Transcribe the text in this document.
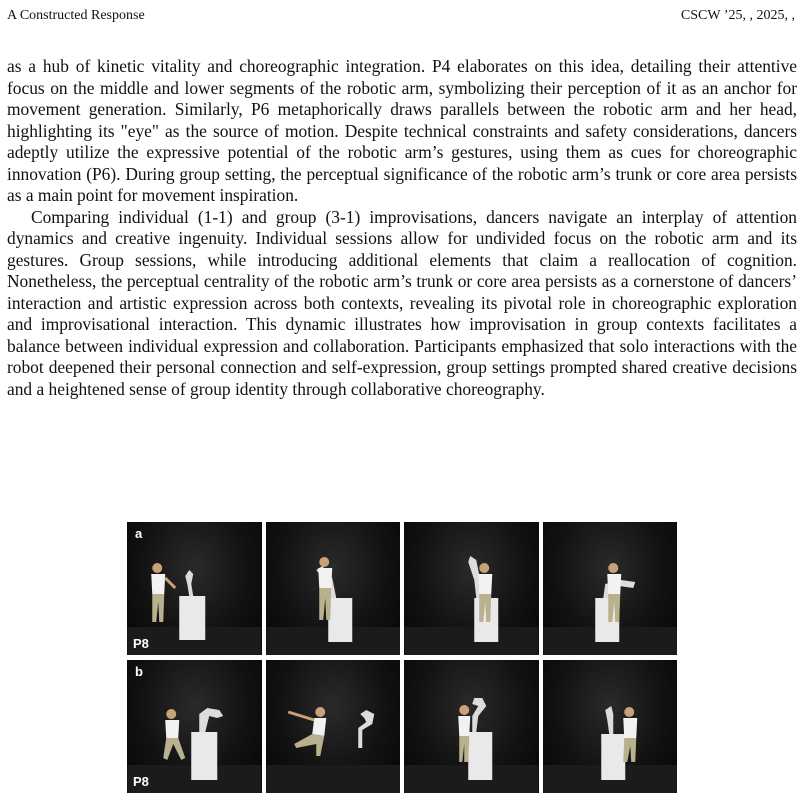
A Constructed Response	CSCW ’25, , 2025, ,

as a hub of kinetic vitality and choreographic integration. P4 elaborates on this idea, detailing their attentive focus on the middle and lower segments of the robotic arm, symbolizing their perception of it as an anchor for movement generation. Similarly, P6 metaphorically draws parallels between the robotic arm and her head, highlighting its "eye" as the source of motion. Despite technical constraints and safety considerations, dancers adeptly utilize the expressive potential of the robotic arm’s gestures, using them as cues for choreographic innovation (P6). During group setting, the perceptual significance of the robotic arm’s trunk or core area persists as a main point for movement inspiration.

Comparing individual (1-1) and group (3-1) improvisations, dancers navigate an interplay of attention dynamics and creative ingenuity. Individual sessions allow for undivided focus on the robotic arm and its gestures. Group sessions, while introducing additional elements that claim a reallocation of cognition. Nonetheless, the perceptual centrality of the robotic arm’s trunk or core area persists as a cornerstone of dancers’ interaction and artistic expression across both contexts, revealing its pivotal role in choreographic exploration and improvisational interaction. This dynamic illustrates how improvisation in group contexts facilitates a balance between individual expression and collaboration. Participants emphasized that solo interactions with the robot deepened their personal connection and self-expression, group settings prompted shared creative decisions and a heightened sense of group identity through collaborative choreography.

a
P8
b
P8
